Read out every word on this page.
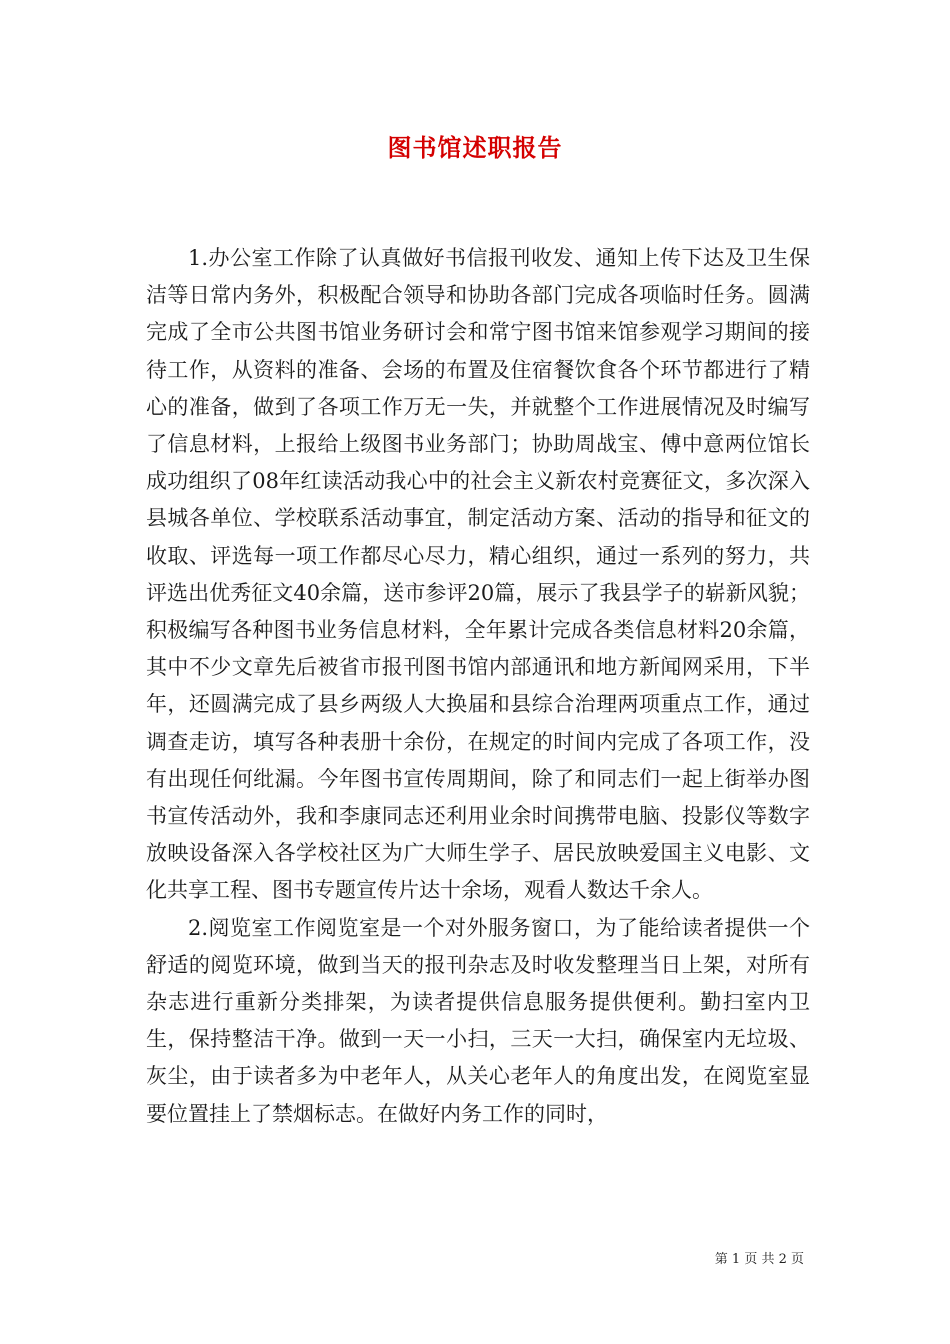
图书馆述职报告

1.办公室工作除了认真做好书信报刊收发、通知上传下达及卫生保洁等日常内务外，积极配合领导和协助各部门完成各项临时任务。圆满完成了全市公共图书馆业务研讨会和常宁图书馆来馆参观学习期间的接待工作，从资料的准备、会场的布置及住宿餐饮食各个环节都进行了精心的准备，做到了各项工作万无一失，并就整个工作进展情况及时编写了信息材料，上报给上级图书业务部门；协助周战宝、傅中意两位馆长成功组织了08年红读活动我心中的社会主义新农村竞赛征文，多次深入县城各单位、学校联系活动事宜，制定活动方案、活动的指导和征文的收取、评选每一项工作都尽心尽力，精心组织，通过一系列的努力，共评选出优秀征文40余篇，送市参评20篇，展示了我县学子的崭新风貌；积极编写各种图书业务信息材料，全年累计完成各类信息材料20余篇，其中不少文章先后被省市报刊图书馆内部通讯和地方新闻网采用，下半年，还圆满完成了县乡两级人大换届和县综合治理两项重点工作，通过调查走访，填写各种表册十余份，在规定的时间内完成了各项工作，没有出现任何纰漏。今年图书宣传周期间，除了和同志们一起上街举办图书宣传活动外，我和李康同志还利用业余时间携带电脑、投影仪等数字放映设备深入各学校社区为广大师生学子、居民放映爱国主义电影、文化共享工程、图书专题宣传片达十余场，观看人数达千余人。

2.阅览室工作阅览室是一个对外服务窗口，为了能给读者提供一个舒适的阅览环境，做到当天的报刊杂志及时收发整理当日上架，对所有杂志进行重新分类排架，为读者提供信息服务提供便利。勤扫室内卫生，保持整洁干净。做到一天一小扫，三天一大扫，确保室内无垃圾、灰尘，由于读者多为中老年人，从关心老年人的角度出发，在阅览室显要位置挂上了禁烟标志。在做好内务工作的同时，

第 1 页 共 2 页
